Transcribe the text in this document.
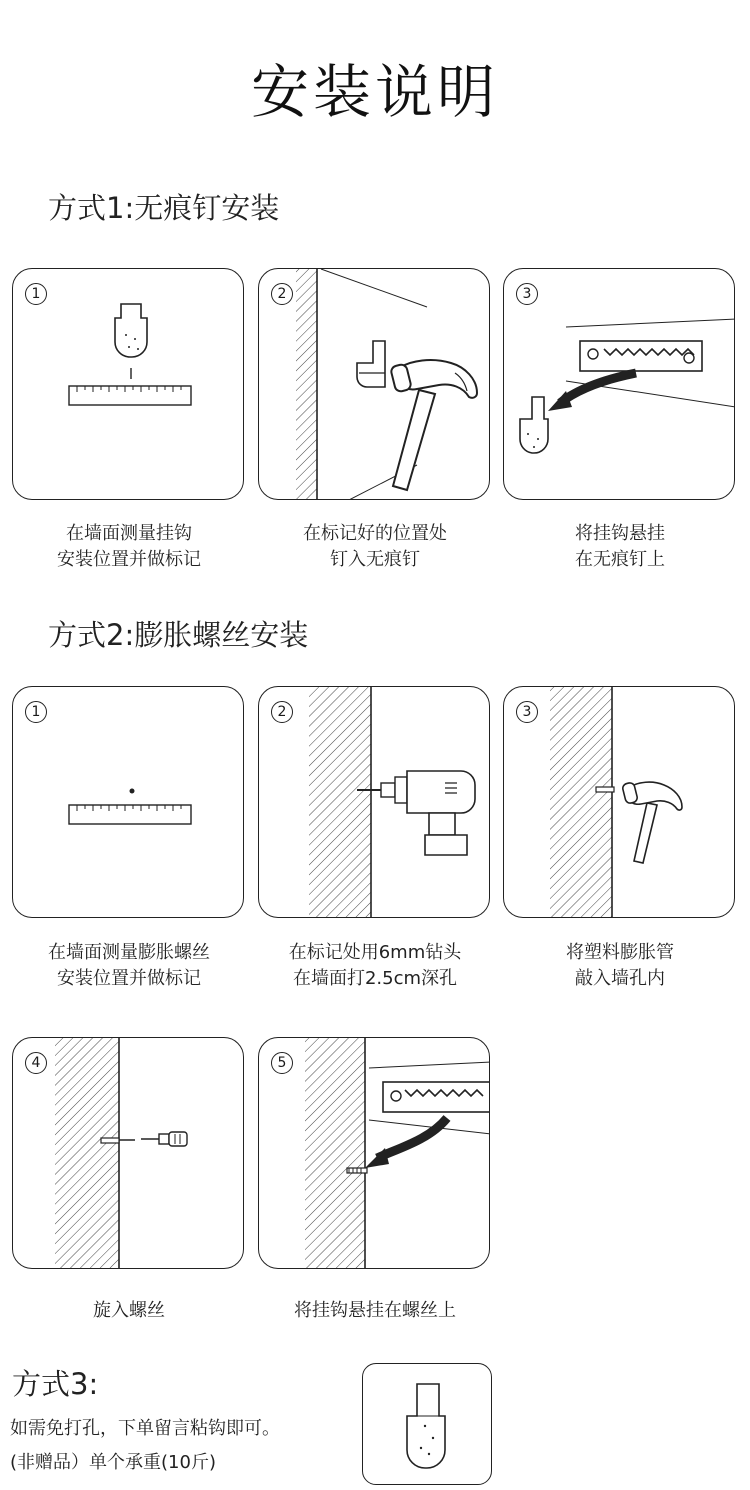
安装说明
方式1:无痕钉安装
1	2	3
在墙面测量挂钩
安装位置并做标记
在标记好的位置处
钉入无痕钉
将挂钩悬挂
在无痕钉上
方式2:膨胀螺丝安装
1	2	3
在墙面测量膨胀螺丝
安装位置并做标记
在标记处用6mm钻头
在墙面打2.5cm深孔
将塑料膨胀管
敲入墙孔内
4	5
旋入螺丝	将挂钩悬挂在螺丝上
方式3:
如需免打孔，下单留言粘钩即可。
(非赠品）单个承重(10斤)
